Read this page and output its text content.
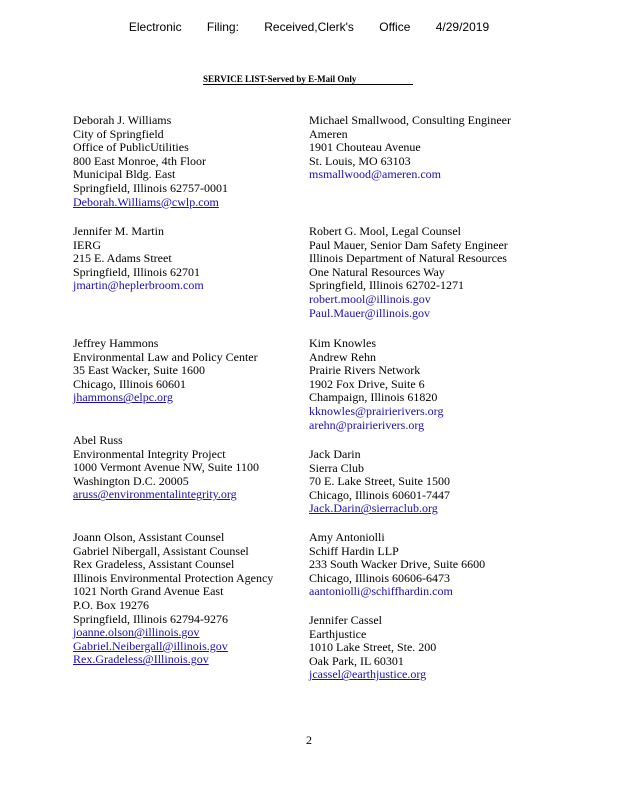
Electronic Filing: Received,Clerk's Office 4/29/2019
SERVICE LIST-Served by E-Mail Only
Deborah J. Williams
City of Springfield
Office of PublicUtilities
800 East Monroe, 4th Floor
Municipal Bldg. East
Springfield, Illinois 62757-0001
Deborah.Williams@cwlp.com
Jennifer M. Martin
IERG
215 E. Adams Street
Springfield, Illinois 62701
jmartin@heplerbroom.com
Jeffrey Hammons
Environmental Law and Policy Center
35 East Wacker, Suite 1600
Chicago, Illinois 60601
jhammons@elpc.org
Abel Russ
Environmental Integrity Project
1000 Vermont Avenue NW, Suite 1100
Washington D.C. 20005
aruss@environmentalintegrity.org
Joann Olson, Assistant Counsel
Gabriel Nibergall, Assistant Counsel
Rex Gradeless, Assistant Counsel
Illinois Environmental Protection Agency
1021 North Grand Avenue East
P.O. Box 19276
Springfield, Illinois 62794-9276
joanne.olson@illinois.gov
Gabriel.Neibergall@illinois.gov
Rex.Gradeless@Illinois.gov
Michael Smallwood, Consulting Engineer
Ameren
1901 Chouteau Avenue
St. Louis, MO 63103
msmallwood@ameren.com
Robert G. Mool, Legal Counsel
Paul Mauer, Senior Dam Safety Engineer
Illinois Department of Natural Resources
One Natural Resources Way
Springfield, Illinois 62702-1271
robert.mool@illinois.gov
Paul.Mauer@illinois.gov
Kim Knowles
Andrew Rehn
Prairie Rivers Network
1902 Fox Drive, Suite 6
Champaign, Illinois 61820
kknowles@prairierivers.org
arehn@prairierivers.org
Jack Darin
Sierra Club
70 E. Lake Street, Suite 1500
Chicago, Illinois 60601-7447
Jack.Darin@sierraclub.org
Amy Antoniolli
Schiff Hardin LLP
233 South Wacker Drive, Suite 6600
Chicago, Illinois 60606-6473
aantoniolli@schiffhardin.com
Jennifer Cassel
Earthjustice
1010 Lake Street, Ste. 200
Oak Park, IL 60301
jcassel@earthjustice.org
2
